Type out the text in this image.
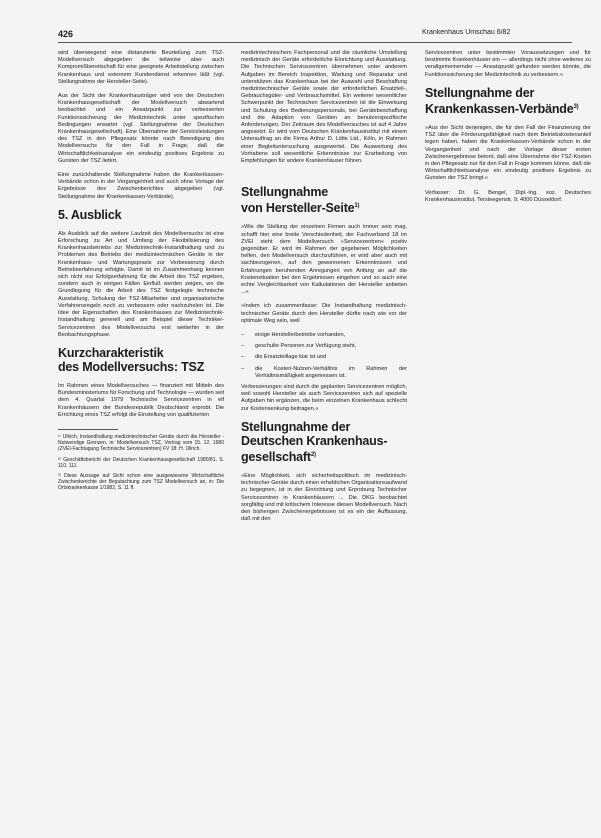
426	Krankenhaus Umschau 6/82

wird überwiegend eine distanzierte Beurteilung zum TSZ-Modellversuch abgegeben die teilweise aber auch Kompromißbereitschaft für eine geeignete Arbeitsteilung zwischen Krankenhaus und externem Kundendienst erkennen läßt (vgl. Stellungnahme der Hersteller-Seite).

Aus der Sicht der Krankenhausträger wird von der Deutschen Krankenhausgesellschaft der Modellversuch abwartend beobachtet und ein Ansatzpunkt zur verbesserten Funktionssicherung der Medizintechnik unter spezifischen Bedingungen erwartet (vgl. Stellungnahme der Deutschen Krankenhausgesellschaft). Eine Übernahme der Serviceleistungen des TSZ in den Pflegesatz könnte nach Beendigung des Modellversuchs für den Fall in Frage, daß die Wirtschaftlichkeitsanalyse ein eindeutig positives Ergebnis zu Gunsten der TSZ liefert.

Eine zurückhaltende Stellungnahme haben die Krankenkassen-Verbände schon in der Vergangenheit und auch ohne Vorlage der Ergebnisse des Zwischenberichtes abgegeben (vgl. Stellungnahme der Krankenkassen-Verbände).

5. Ausblick

Als Ausblick auf die weitere Laufzeit des Modellversuchs ist eine Erforschung zu Art und Umfang der Flexibilisierung des Krankenhausbetriebs zur Medizintechnik-Instandhaltung und zu Problemen des Betriebs der medizintechnischen Geräte in der Krankenhaus- und Wartungspraxis zur Verbesserung durch Betriebserfahrung erfolgte. Damit ist im Zusammenhang kennen sich nicht nur Erfolgserfahrung für die Arbeit des TSZ ergeben, sondern auch in einigen Fällen Einfluß werden zeigen, wo die Grundlegung für die Arbeit des TSZ festgelegte technische Ausstattung, Schulung der TSZ-Mitarbeiter und organisatorische Verfahrensregeln noch zu verbessern oder nachzuholen ist. Die Idee der Eigenschaften des Krankenhauses zur Medizintechnik-Instandhaltung generell und am Beispiel dieser Techniker-Servicezentren des Modellversuchs erst weiterhin in der Beobachtungsphase.

Kurzcharakteristik
des Modellversuchs: TSZ

Im Rahmen eines Modellversuches — finanziert mit Mitteln des Bundesministeriums für Forschung und Technologie — wurden seit dem 4. Quartal 1979 Technische Servicezentren in elf Krankenhäusern der Bundesrepublik Deutschland erprobt. Die Errichtung eines TSZ erfolgt die Einstellung von qualifizierten

¹⁾ Ullrich, Instandhaltung medizintechnischer Geräte durch die Hersteller - Notwendige Grenzen, in: Modellversuch TSZ, Vortrag vom 15. 12. 1980 (ZVEI-Fachtagung Technische Servicezentren) FV 18: H. Ullrich.

²⁾ Geschäftsbericht der Deutschen Krankenhausgesellschaft 1980/81, S. 110, 111.

³⁾ Diese Aussage auf Sicht schon eine ausgewiesene Wirtschaftliche Zwischenberichte der Begutachtung zum TSZ Modellversuch an, in: Die Ortskrankenkasse 1/1982, S. 11 ff.

medizintechnischem Fachpersonal und die räumliche Umstellung medizinisch der Geräte erforderliche Einrichtung und Ausstattung. Die Technischen Servicezentren übernehmen unter anderem Aufgaben im Bereich Inspektion, Wartung und Reparatur und unterstützen das Krankenhaus bei der Auswahl und Beschaffung medizintechnischer Geräte sowie der erforderlichen Ersatzteil-, Gebrauchsgüter- und Verbrauchsmittel. Ein weiterer wesentlicher Schwerpunkt der Technischen Servicezentren ist die Einweisung und Schulung des Bedienungspersonals, bei Gerätebeschaffung und die Adaption von Geräten an benutzerspezifische Anforderungen. Der Zeitraum des Modellversuches ist auf 4 Jahre angesetzt. Er wird vom Deutschen Krankenhausinstitut mit einem Unterauftrag an die Firma Arthur D. Little Ltd., Köln, in Rahmen einer Begleituntersuchung ausgewertet. Die Auswertung des Vorhabens soll wesentliche Erkenntnisse zur Erarbeitung von Empfehlungen für andere Krankenhäuser führen.

Stellungnahme
von Hersteller-Seite$^{1)}$

»Wie die Stellung der einzelnen Firmen auch immer sein mag, schafft hier eine breite Verschiedenheit, der Fachverband 18 im ZVEI steht dem Modellversuch »Servicezentren« positiv gegenüber. Er wird im Rahmen der gegebenen Möglichkeiten helfen, den Modellversuch durchzuführen, er wird aber auch mit sachbezogenen, auf den gewonnenen Erkenntnissen und Erfahrungen beruhenden Anregungen von Anfang an auf die Kostensituation bei den Ergebnissen eingehen und so auch eine echte Vergleichbarkeit von Kalkulationen der Hersteller anbieten ...«

»Indem ich zusammenfasse: Die Instandhaltung medizinisch-technischer Geräte durch den Hersteller dürfte nach wie vor der optimale Weg sein, weil

–	einige Herstellerbetriebe vorhanden,
–	geschulte Personen zur Verfügung steht,
–	die Ersatzteillage klar ist und
–	die Kosten-Nutzen-Verhältnis im Rahmen der Verhältnismäßigkeit angemessen ist.

Verbesserungen sind durch die geplanten Servicezentren möglich, weil sowohl Hersteller als auch Servicezentren sich auf spezielle Aufgaben hin ergänzen, die beim einzelnen Krankenhaus schlecht zur Kostensenkung beitragen.«

Stellungnahme der
Deutschen Krankenhaus-
gesellschaft$^{2)}$

»Eine Möglichkeit, sich sicherheitspolitisch im medizinisch-technischer Geräte durch einen erheblichen Organisationsaufwand zu begegnen, ist in der Einrichtung und Erprobung Technischer Servicezentren in Krankenhäusern ... Die DKG beobachtet sorgfältig und mit kritischem Interesse diesen Modellversuch. Nach den bisherigen Zwischenergebnissen ist es ein der Auffassung, daß mit den

Servicezentren unter bestimmten Voraussetzungen und für bestimmte Krankenhäuser ein — allerdings nicht ohne weiteres zu verallgemeinernder — Ansatzpunkt gefunden werden könnte, die Funktionssicherung der Medizintechnik zu verbessern.«

Stellungnahme der
Krankenkassen-Verbände$^{3)}$

»Aus der Sicht derjenigen, die für den Fall der Finanzierung der TSZ über die Förderungsfähigkeit nach dem Betriebskostenanteil legen haben, haben die Krankenkassen-Verbände schon in der Vergangenheit und nach der Vorlage dieser ersten Zwischenergebnisse betont, daß eine Übernahme der TSZ-Kosten in den Pflegesatz nur für den Fall in Frage kommen könne, daß die Wirtschaftlichkeitsanalyse ein eindeutig positives Ergebnis zu Gunsten der TSZ bringt.«

Verfasser: Dr. G. Bengel, Dipl.-Ing. soz. Deutsches Krankenhausinstitut, Tersteegenstr. 9, 4000 Düsseldorf.
